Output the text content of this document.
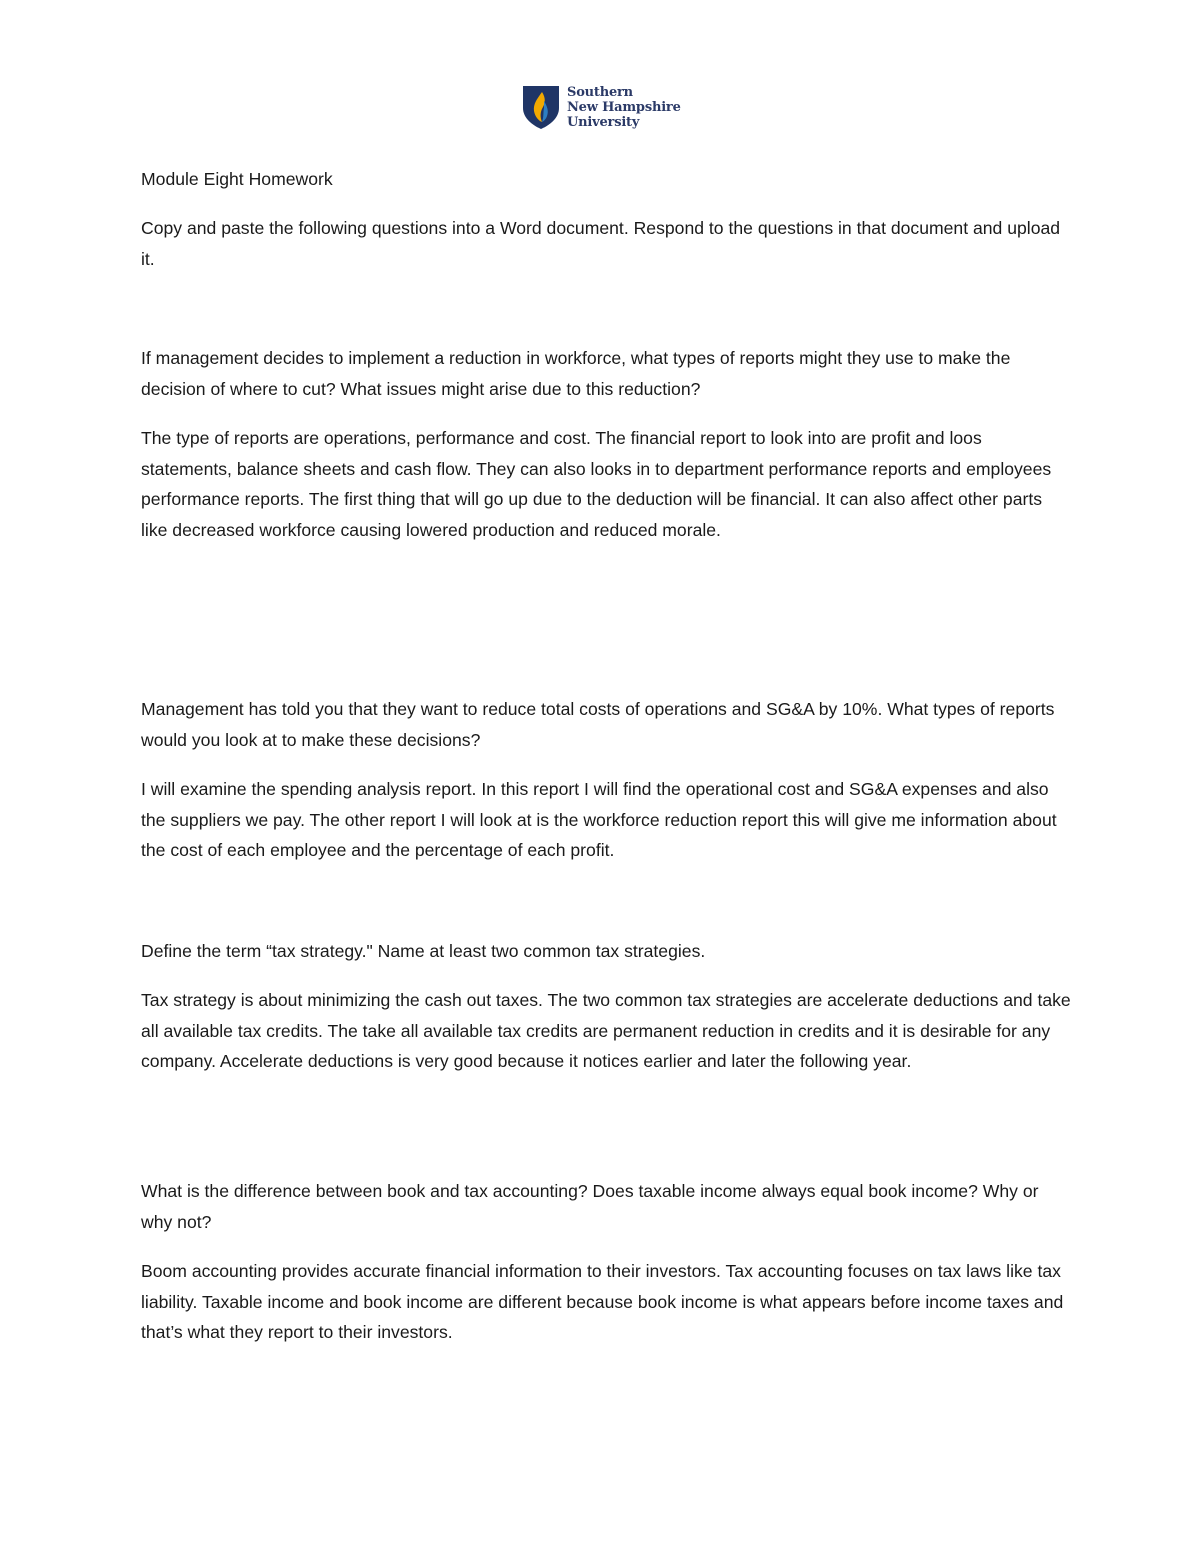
Southern
New Hampshire
University

Module Eight Homework

Copy and paste the following questions into a Word document. Respond to the questions in that document and upload it.

If management decides to implement a reduction in workforce, what types of reports might they use to make the decision of where to cut? What issues might arise due to this reduction?

The type of reports are operations, performance and cost. The financial report to look into are profit and loos statements, balance sheets and cash flow. They can also looks in to department performance reports and employees performance reports. The first thing that will go up due to the deduction will be financial. It can also affect other parts like decreased workforce causing lowered production and reduced morale.

Management has told you that they want to reduce total costs of operations and SG&A by 10%. What types of reports would you look at to make these decisions?

I will examine the spending analysis report. In this report I will find the operational cost and SG&A expenses and also the suppliers we pay. The other report I will look at is the workforce reduction report this will give me information about the cost of each employee and the percentage of each profit.

Define the term “tax strategy." Name at least two common tax strategies.

Tax strategy is about minimizing the cash out taxes. The two common tax strategies are accelerate deductions and take all available tax credits. The take all available tax credits are permanent reduction in credits and it is desirable for any company. Accelerate deductions is very good because it notices earlier and later the following year.

What is the difference between book and tax accounting? Does taxable income always equal book income? Why or why not?

Boom accounting provides accurate financial information to their investors. Tax accounting focuses on tax laws like tax liability. Taxable income and book income are different because book income is what appears before income taxes and that’s what they report to their investors.
